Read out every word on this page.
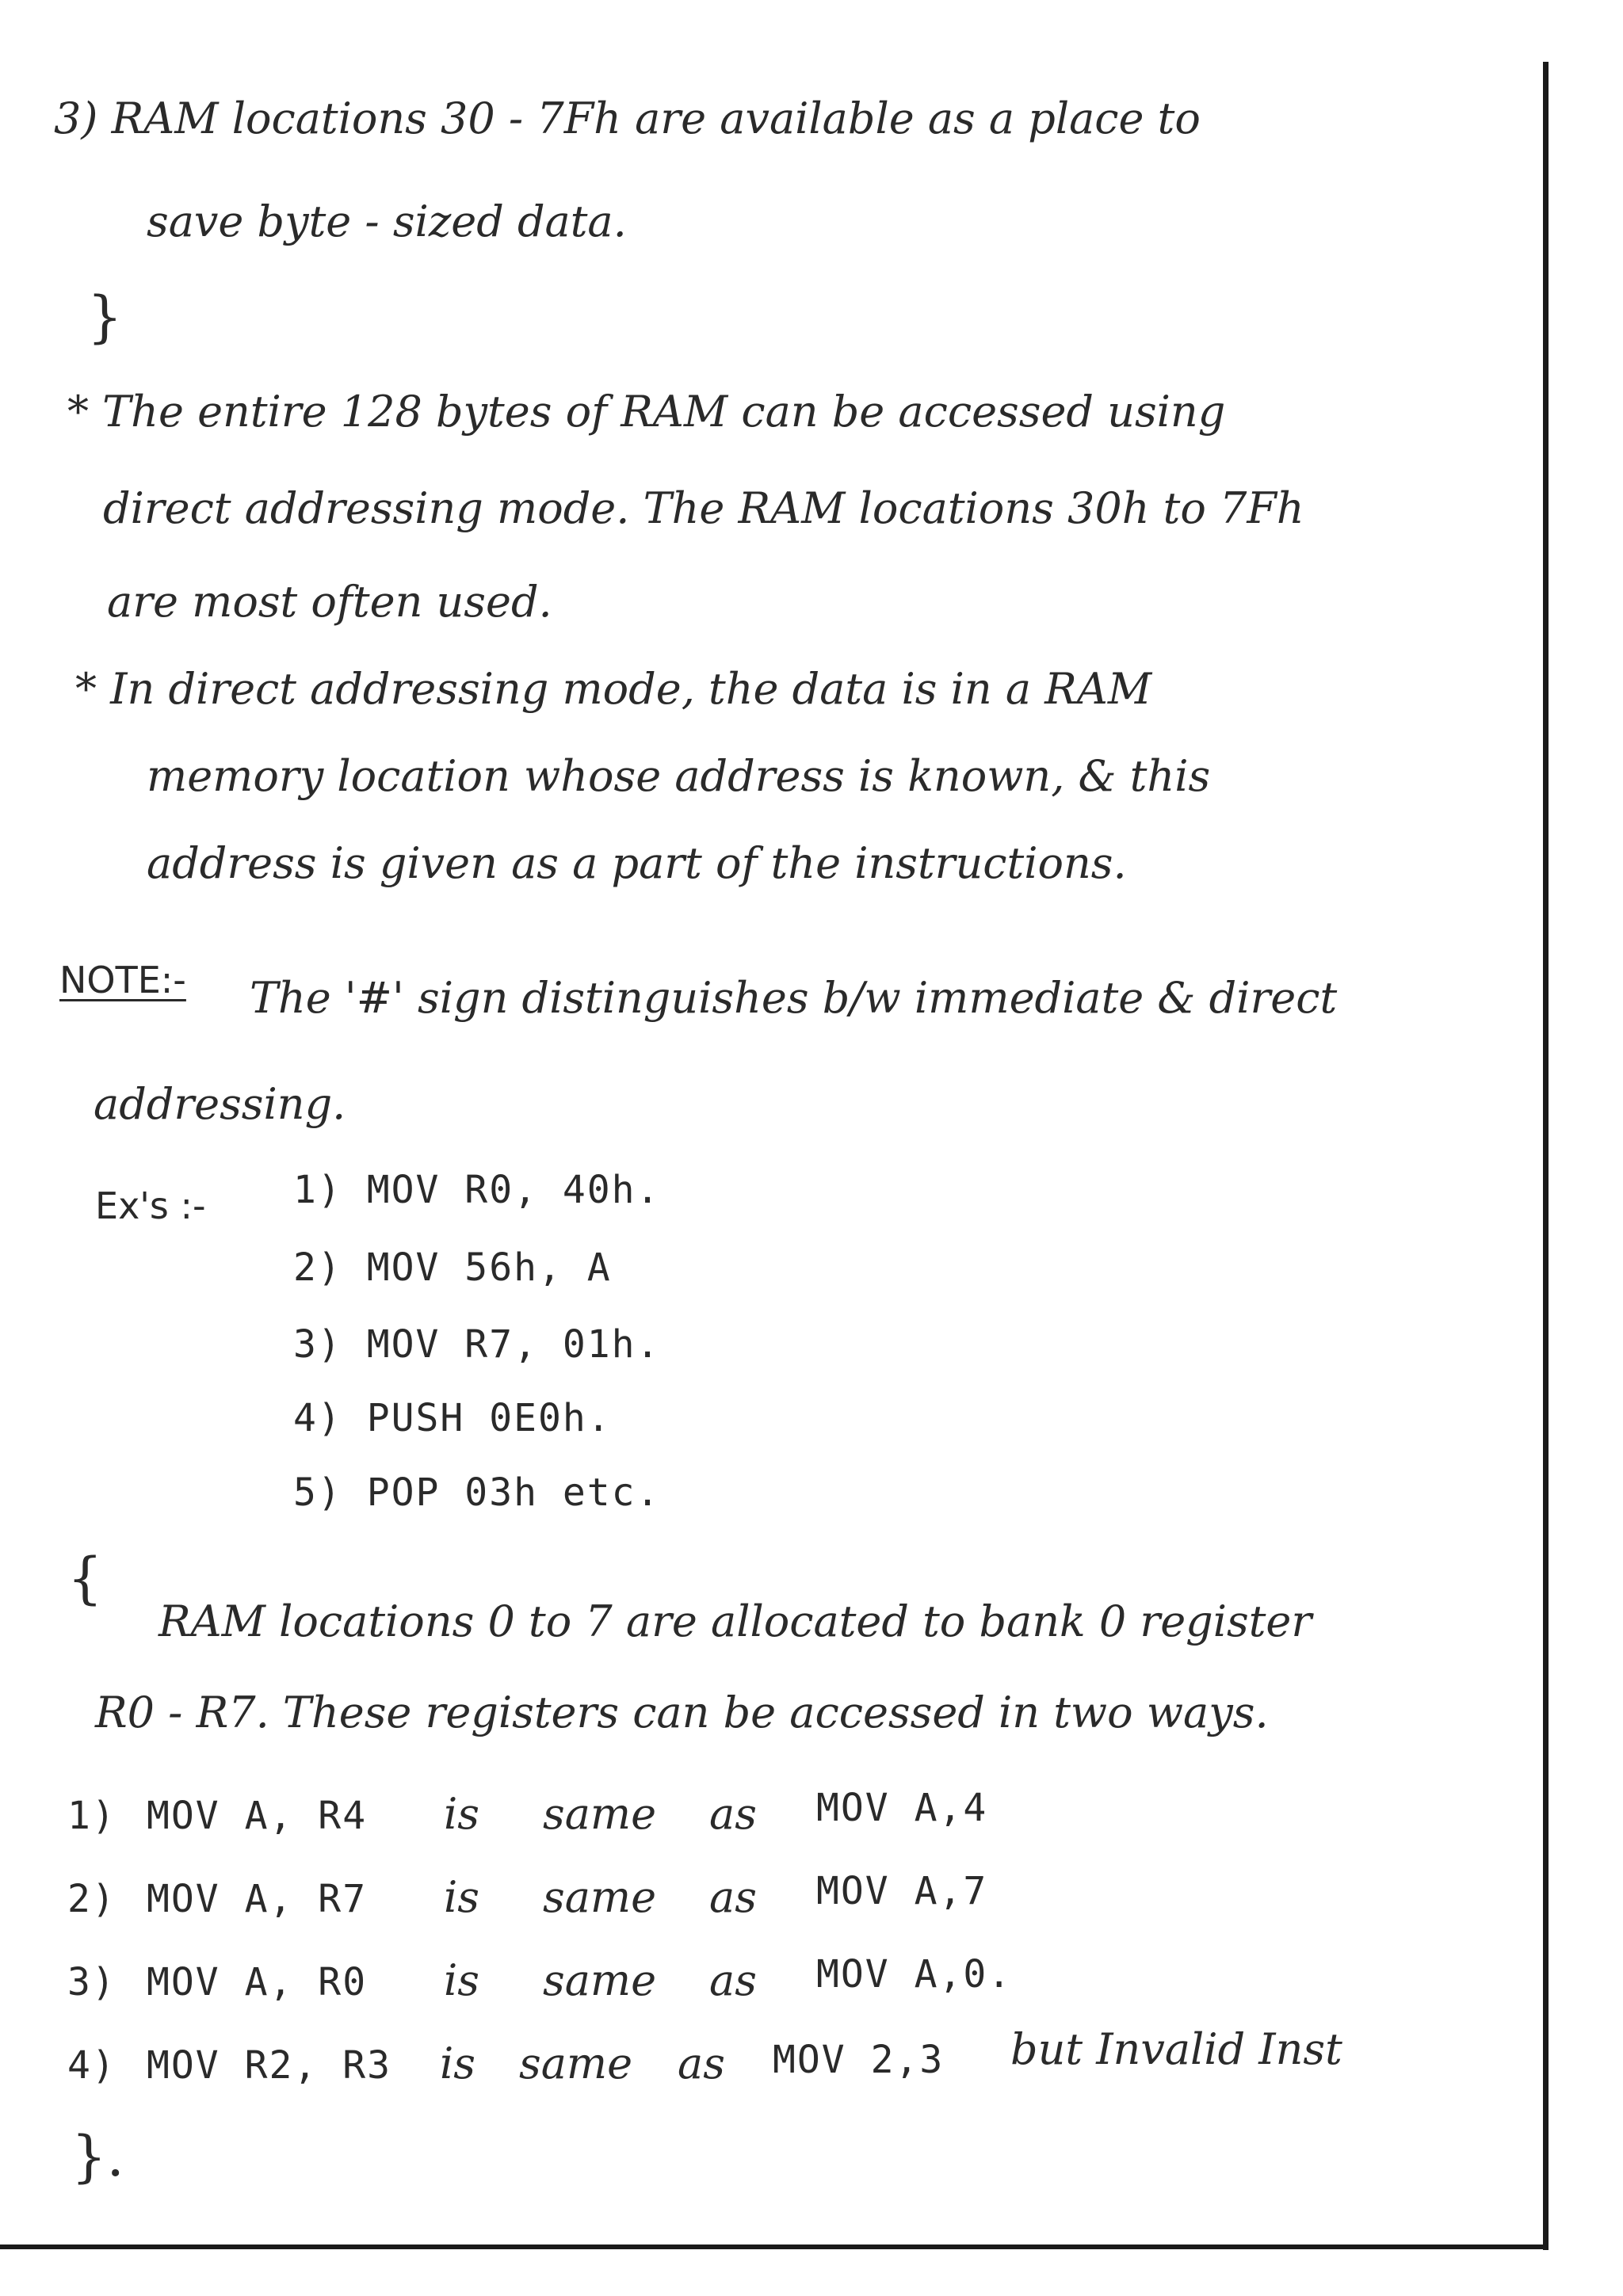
3) RAM locations 30 - 7Fh are available as a place to
save byte - sized data.
}
* The entire 128 bytes of RAM can be accessed using
direct addressing mode. The RAM locations 30h to 7Fh
are most often used.
* In direct addressing mode, the data is in a RAM
memory location whose address is known, & this
address is given as a part of the instructions.
NOTE:- The '#' sign distinguishes b/w immediate & direct
addressing.
Ex's :- 1) MOV R0, 40h.
2) MOV 56h, A
3) MOV R7, 01h.
4) PUSH 0E0h.
5) POP 03h etc.
{
RAM locations 0 to 7 are allocated to bank 0 register
R0 - R7. These registers can be accessed in two ways.
1) MOV A, R4 is same as MOV A,4
2) MOV A, R7 is same as MOV A,7
3) MOV A, R0 is same as MOV A,0.
4) MOV R2, R3 is same as MOV 2,3 but Invalid Inst
}.
